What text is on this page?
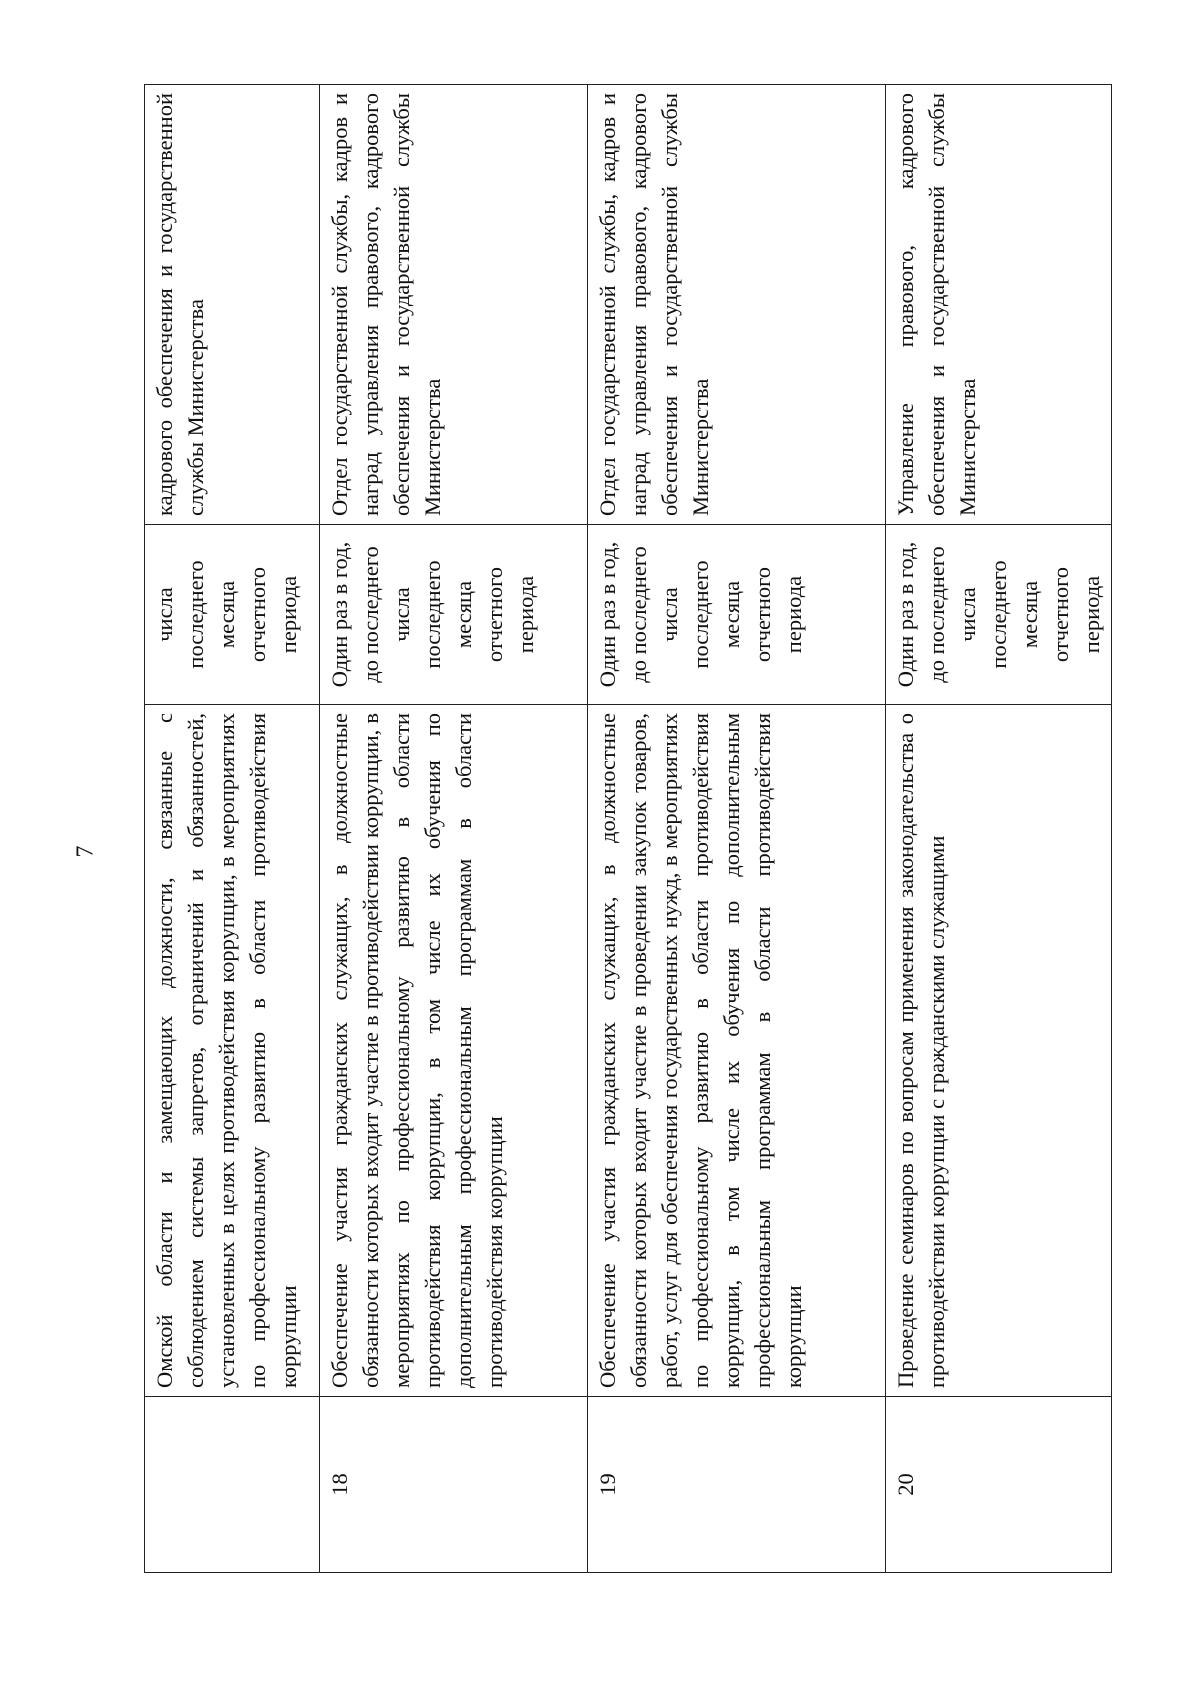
7
	Омской области и замещающих должности, связанные с соблюдением системы запретов, ограничений и обязанностей, установленных в целях противодействия коррупции, в мероприятиях по профессиональному развитию в области противодействия коррупции	числа последнего месяца отчетного периода	кадрового обеспечения и государственной службы Министерства
18	Обеспечение участия гражданских служащих, в должностные обязанности которых входит участие в противодействии коррупции, в мероприятиях по профессиональному развитию в области противодействия коррупции, в том числе их обучения по дополнительным профессиональным программам в области противодействия коррупции	Один раз в год, до последнего числа последнего месяца отчетного периода	Отдел государственной службы, кадров и наград управления правового, кадрового обеспечения и государственной службы Министерства
19	Обеспечение участия гражданских служащих, в должностные обязанности которых входит участие в проведении закупок товаров, работ, услуг для обеспечения государственных нужд, в мероприятиях по профессиональному развитию в области противодействия коррупции, в том числе их обучения по дополнительным профессиональным программам в области противодействия коррупции	Один раз в год, до последнего числа последнего месяца отчетного периода	Отдел государственной службы, кадров и наград управления правового, кадрового обеспечения и государственной службы Министерства
20	Проведение семинаров по вопросам применения законодательства о противодействии коррупции с гражданскими служащими	Один раз в год, до последнего числа последнего месяца отчетного периода	Управление правового, кадрового обеспечения и государственной службы Министерства
